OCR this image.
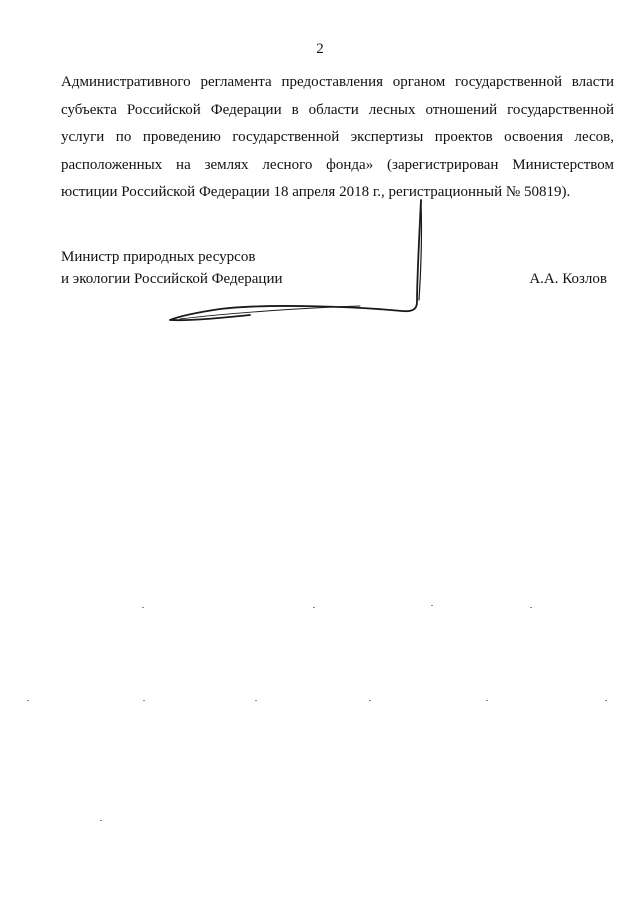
2
Административного регламента предоставления органом государственной власти
субъекта Российской Федерации в области лесных отношений государственной
услуги по проведению государственной экспертизы проектов освоения лесов,
расположенных на землях лесного фонда» (зарегистрирован Министерством
юстиции Российской Федерации 18 апреля 2018 г., регистрационный № 50819).
Министр природных ресурсов
и экологии Российской Федерации	А.А. Козлов
